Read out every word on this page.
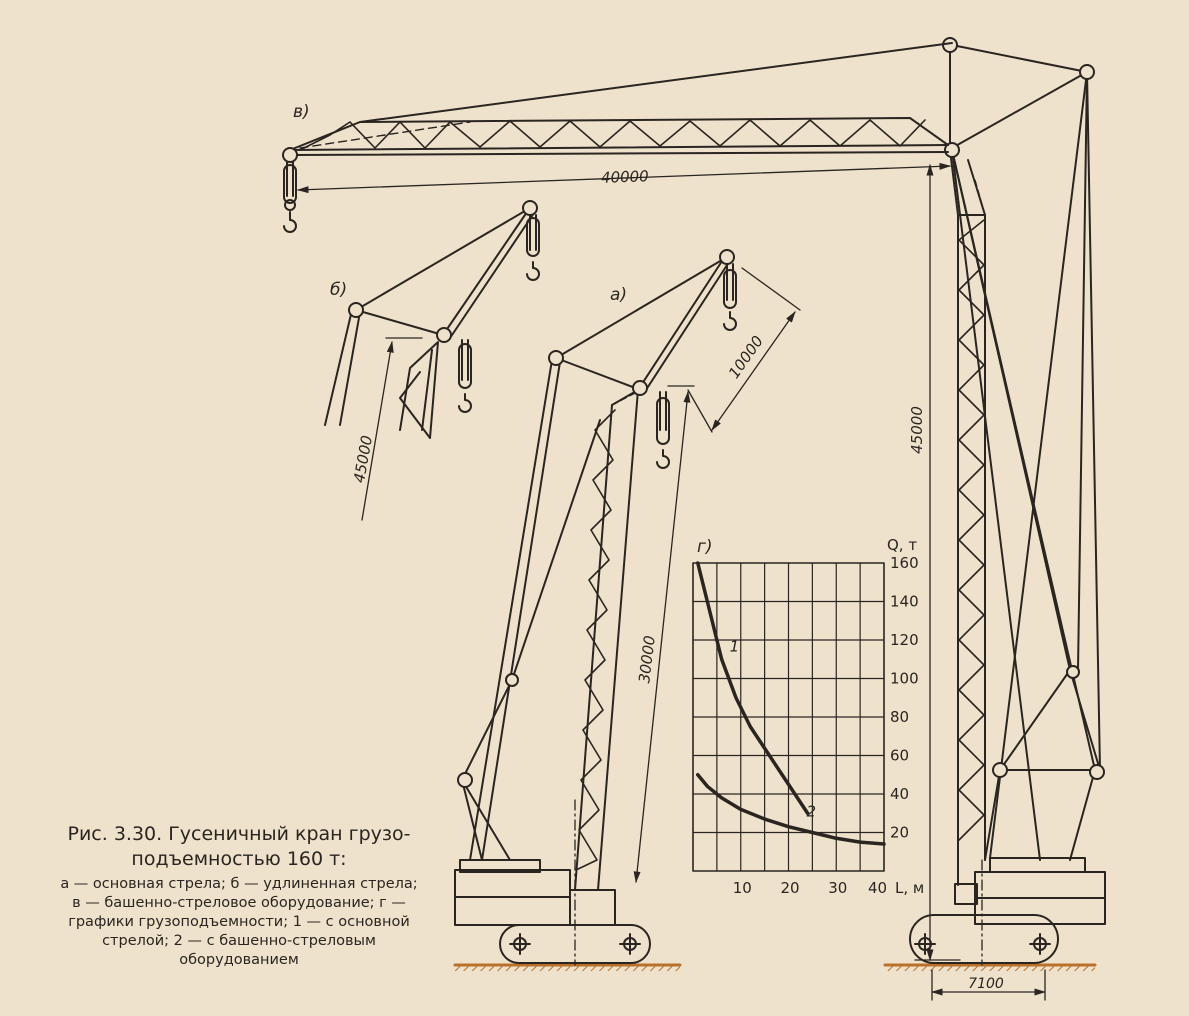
а)
б)
в)
г)
40000
45000
10000
30000
45000
7100
Q, т
L, м
20
40
60
80
100
120
140
160
10 20 30 40
1
2
Рис. 3.30. Гусеничный кран грузо-подъемностью 160 т:
а — основная стрела; б — удлиненная стрела; в — башенно-стреловое оборудование; г — графики грузоподъемности; 1 — с основной стрелой; 2 — с башенно-стреловым оборудованием
